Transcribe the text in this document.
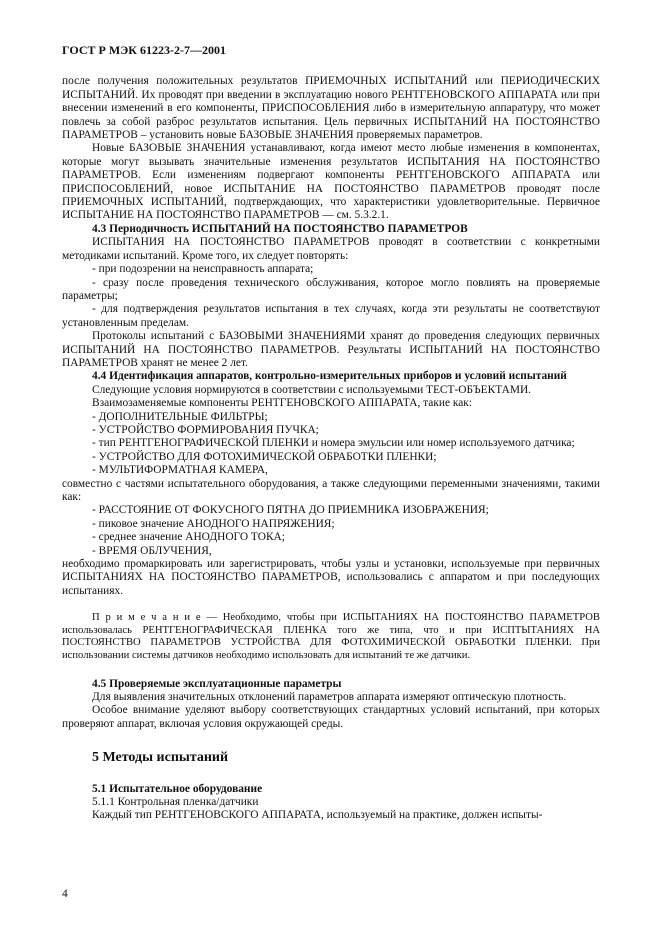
ГОСТ Р МЭК 61223-2-7—2001

после получения положительных результатов ПРИЕМОЧНЫХ ИСПЫТАНИЙ или ПЕРИОДИЧЕСКИХ ИСПЫТАНИЙ. Их проводят при введении в эксплуатацию нового РЕНТГЕНОВСКОГО АППАРАТА или при внесении изменений в его компоненты, ПРИСПОСОБЛЕНИЯ либо в измерительную аппаратуру, что может повлечь за собой разброс результатов испытания. Цель первичных ИСПЫТАНИЙ НА ПОСТОЯНСТВО ПАРАМЕТРОВ – установить новые БАЗОВЫЕ ЗНАЧЕНИЯ проверяемых параметров.

Новые БАЗОВЫЕ ЗНАЧЕНИЯ устанавливают, когда имеют место любые изменения в компонентах, которые могут вызывать значительные изменения результатов ИСПЫТАНИЯ НА ПОСТОЯНСТВО ПАРАМЕТРОВ. Если изменениям подвергают компоненты РЕНТГЕНОВСКОГО АППАРАТА или ПРИСПОСОБЛЕНИЙ, новое ИСПЫТАНИЕ НА ПОСТОЯНСТВО ПАРАМЕТРОВ проводят после ПРИЕМОЧНЫХ ИСПЫТАНИЙ, подтверждающих, что характеристики удовлетворительные. Первичное ИСПЫТАНИЕ НА ПОСТОЯНСТВО ПАРАМЕТРОВ — см. 5.3.2.1.

4.3 Периодичность ИСПЫТАНИЙ НА ПОСТОЯНСТВО ПАРАМЕТРОВ

ИСПЫТАНИЯ НА ПОСТОЯНСТВО ПАРАМЕТРОВ проводят в соответствии с конкретными методиками испытаний. Кроме того, их следует повторять:

- при подозрении на неисправность аппарата;

- сразу после проведения технического обслуживания, которое могло повлиять на проверяемые параметры;

- для подтверждения результатов испытания в тех случаях, когда эти результаты не соответствуют установленным пределам.

Протоколы испытаний с БАЗОВЫМИ ЗНАЧЕНИЯМИ хранят до проведения следующих первичных ИСПЫТАНИЙ НА ПОСТОЯНСТВО ПАРАМЕТРОВ. Результаты ИСПЫТАНИЙ НА ПОСТОЯНСТВО ПАРАМЕТРОВ хранят не менее 2 лет.

4.4 Идентификация аппаратов, контрольно-измерительных приборов и условий испытаний

Следующие условия нормируются в соответствии с используемыми ТЕСТ-ОБЪЕКТАМИ.

Взаимозаменяемые компоненты РЕНТГЕНОВСКОГО АППАРАТА, такие как:

- ДОПОЛНИТЕЛЬНЫЕ ФИЛЬТРЫ;

- УСТРОЙСТВО ФОРМИРОВАНИЯ ПУЧКА;

- тип РЕНТГЕНОГРАФИЧЕСКОЙ ПЛЕНКИ и номера эмульсии или номер используемого датчика;

- УСТРОЙСТВО ДЛЯ ФОТОХИМИЧЕСКОЙ ОБРАБОТКИ ПЛЕНКИ;

- МУЛЬТИФОРМАТНАЯ КАМЕРА,

совместно с частями испытательного оборудования, а также следующими переменными значениями, такими как:

- РАССТОЯНИЕ ОТ ФОКУСНОГО ПЯТНА ДО ПРИЕМНИКА ИЗОБРАЖЕНИЯ;

- пиковое значение АНОДНОГО НАПРЯЖЕНИЯ;

- среднее значение АНОДНОГО ТОКА;

- ВРЕМЯ ОБЛУЧЕНИЯ,

необходимо промаркировать или зарегистрировать, чтобы узлы и установки, используемые при первичных ИСПЫТАНИЯХ НА ПОСТОЯНСТВО ПАРАМЕТРОВ, использовались с аппаратом и при последующих испытаниях.

П р и м е ч а н и е — Необходимо, чтобы при ИСПЫТАНИЯХ НА ПОСТОЯНСТВО ПАРАМЕТРОВ использовалась РЕНТГЕНОГРАФИЧЕСКАЯ ПЛЕНКА того же типа, что и при ИСПТЫТАНИЯХ НА ПОСТОЯНСТВО ПАРАМЕТРОВ УСТРОЙСТВА ДЛЯ ФОТОХИМИЧЕСКОЙ ОБРАБОТКИ ПЛЕНКИ. При использовании системы датчиков необходимо использовать для испытаний те же датчики.

4.5 Проверяемые эксплуатационные параметры

Для выявления значительных отклонений параметров аппарата измеряют оптическую плотность.

Особое внимание уделяют выбору соответствующих стандартных условий испытаний, при которых проверяют аппарат, включая условия окружающей среды.

5 Методы испытаний

5.1 Испытательное оборудование

5.1.1 Контрольная пленка/датчики

Каждый тип РЕНТГЕНОВСКОГО АППАРАТА, используемый на практике, должен испыты-

4
